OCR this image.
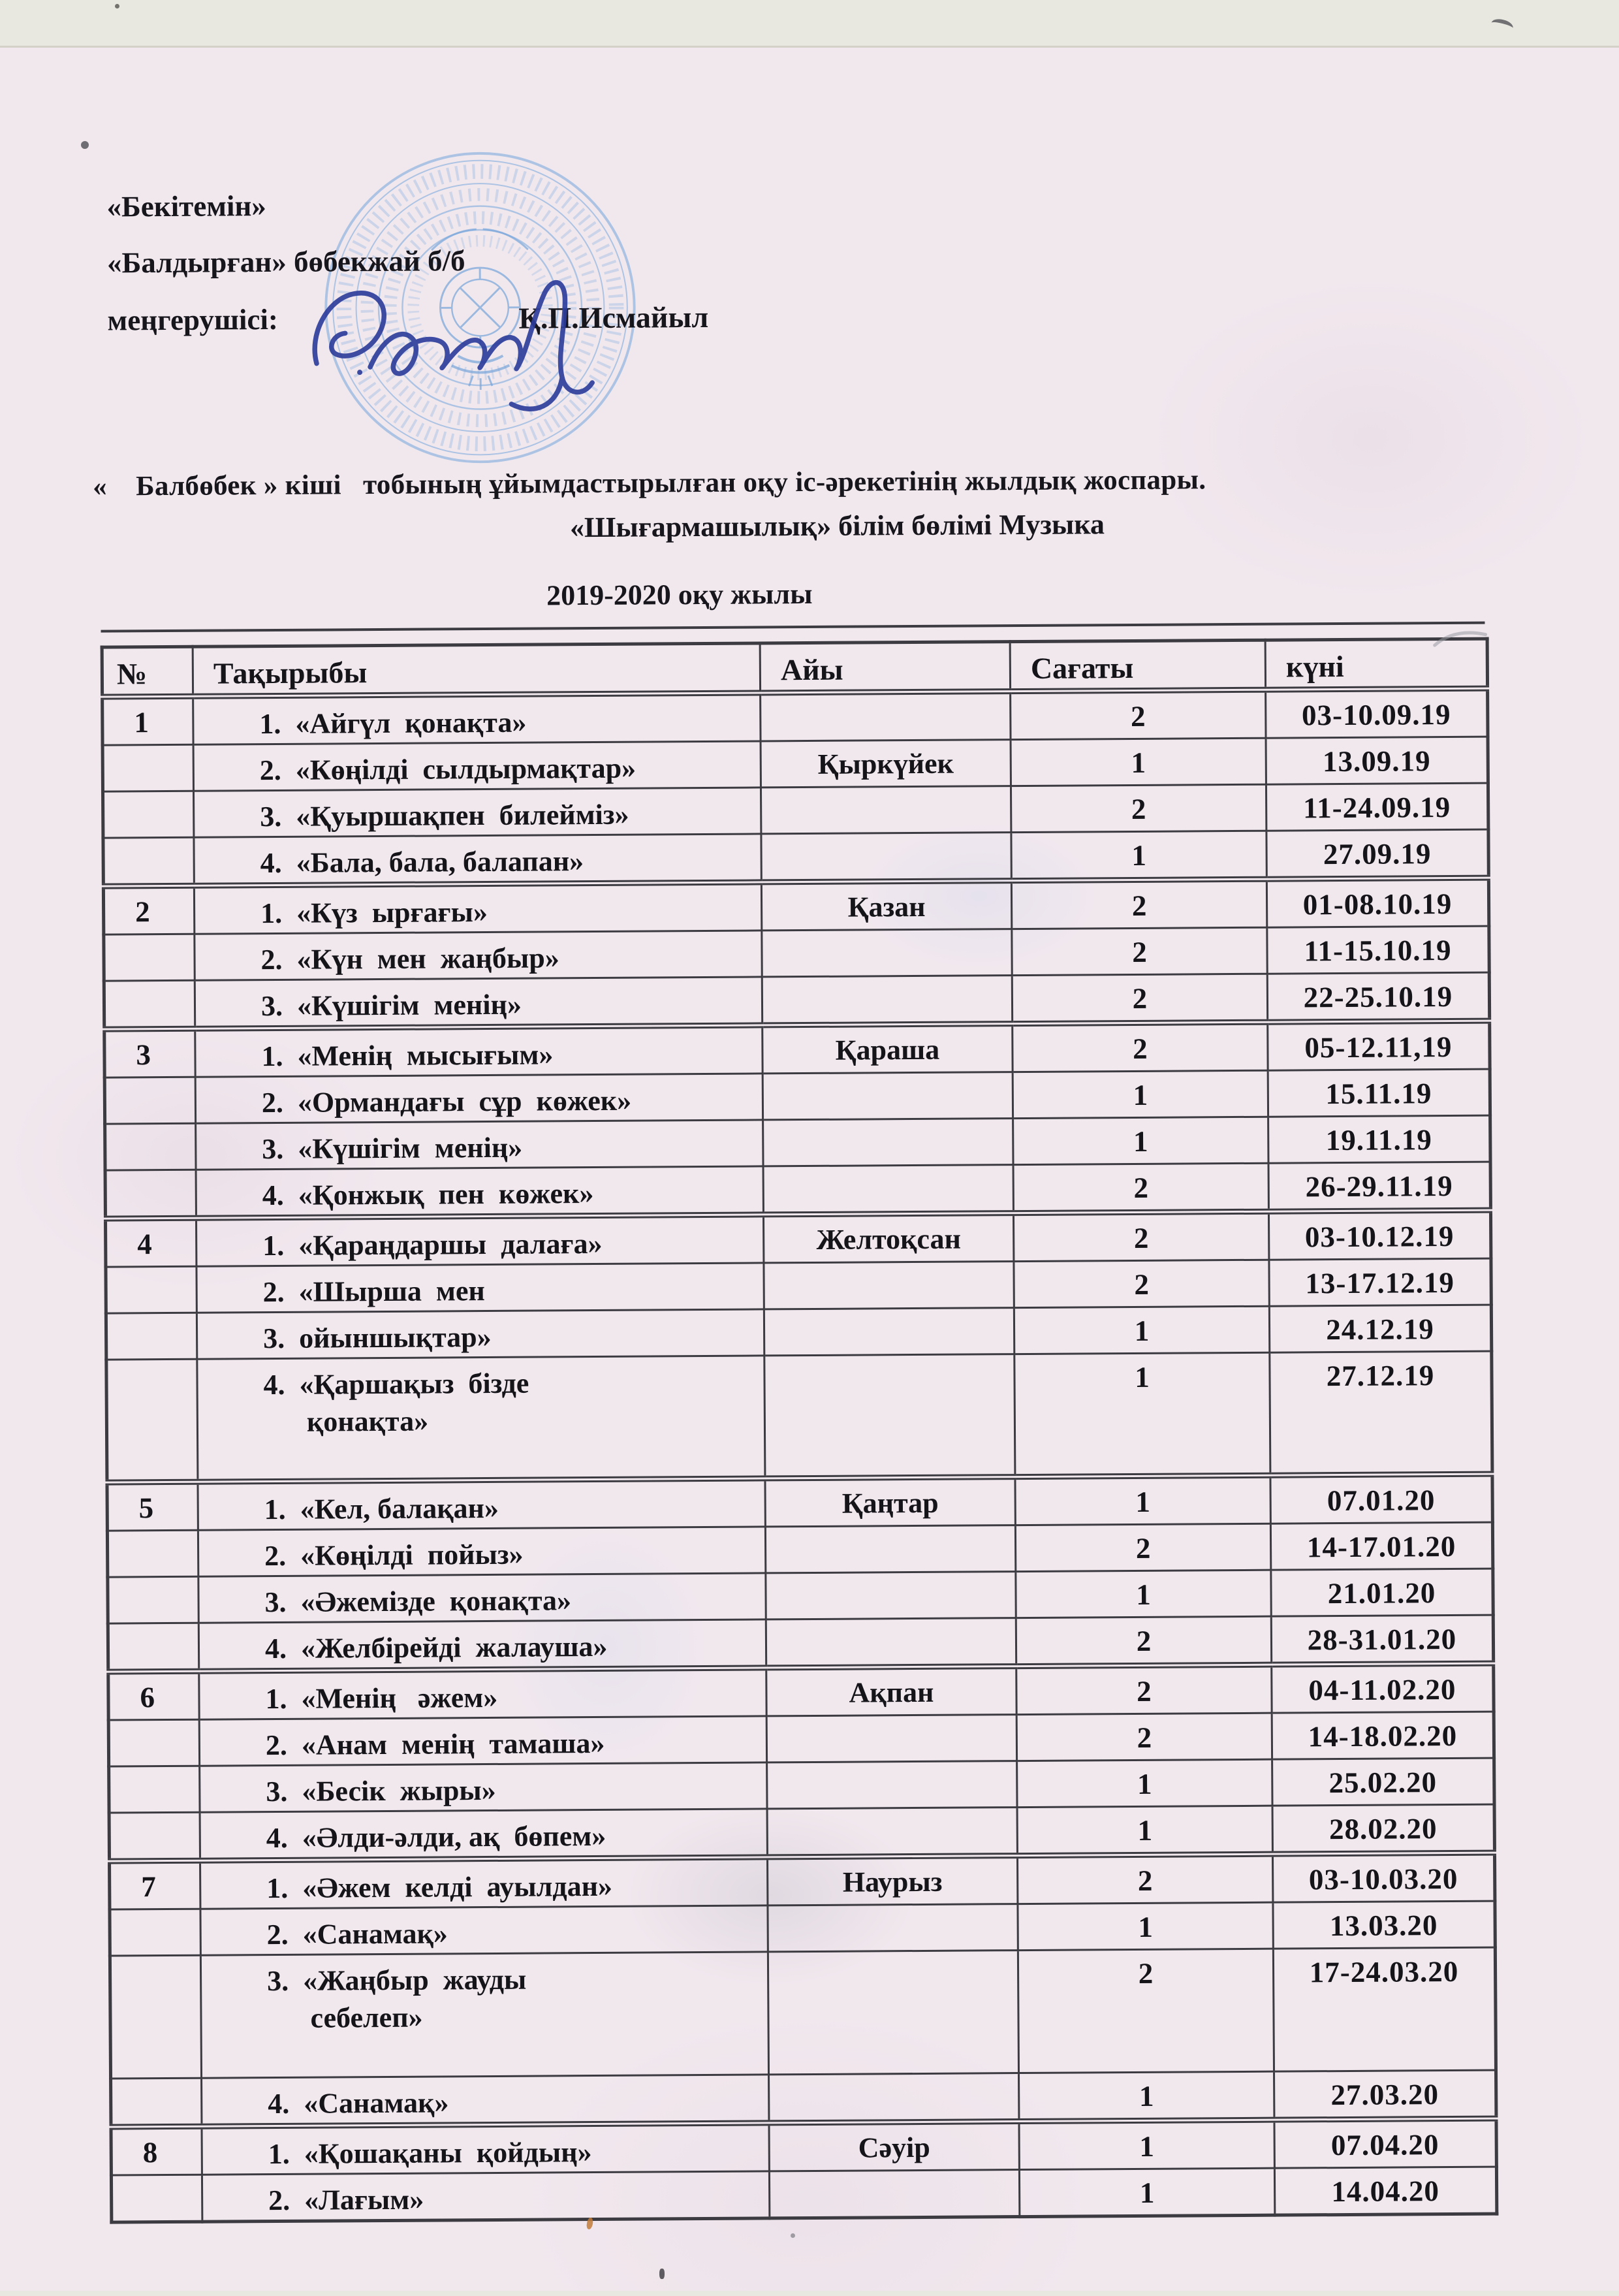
«Бекітемін»
«Балдырған» бөбекжай б/б
меңгерушісі:	Қ.П.Исмайыл
«    Балбөбек » кіші   тобының ұйымдастырылған оқу іс-әрекетінің жылдық жоспары.
«Шығармашылық» білім бөлімі Музыка
2019-2020 оқу жылы
№	Тақырыбы	Айы	Сағаты	күні
1	1.  «Айгүл  қонақта»		2	03-10.09.19
	2.  «Көңілді  сылдырмақтар»	Қыркүйек	1	13.09.19
	3.  «Қуыршақпен  билейміз»		2	11-24.09.19
	4.  «Бала, бала, балапан»		1	27.09.19
2	1.  «Күз  ырғағы»	Қазан	2	01-08.10.19
	2.  «Күн  мен  жаңбыр»		2	11-15.10.19
	3.  «Күшігім  менің»		2	22-25.10.19
3	1.  «Менің  мысығым»	Қараша	2	05-12.11,19
	2.  «Ормандағы  сұр  көжек»		1	15.11.19
	3.  «Күшігім  менің»		1	19.11.19
	4.  «Қонжық  пен  көжек»		2	26-29.11.19
4	1.  «Қараңдаршы  далаға»	Желтоқсан	2	03-10.12.19
	2.  «Шырша  мен		2	13-17.12.19
	3.  ойыншықтар»		1	24.12.19
	4.  «Қаршақыз  бізде
қонақта»		1	27.12.19
5	1.  «Кел, балақан»	Қаңтар	1	07.01.20
	2.  «Көңілді  пойыз»		2	14-17.01.20
	3.  «Әжемізде  қонақта»		1	21.01.20
	4.  «Желбірейді  жалауша»		2	28-31.01.20
6	1.  «Менің   әжем»	Ақпан	2	04-11.02.20
	2.  «Анам  менің  тамаша»		2	14-18.02.20
	3.  «Бесік  жыры»		1	25.02.20
	4.  «Әлди-әлди, ақ  бөпем»		1	28.02.20
7	1.  «Әжем  келді  ауылдан»	Наурыз	2	03-10.03.20
	2.  «Санамақ»		1	13.03.20
	3.  «Жаңбыр  жауды
себелеп»		2	17-24.03.20
	4.  «Санамақ»		1	27.03.20
8	1.  «Қошақаны  қойдың»	Сәуір	1	07.04.20
	2.  «Лағым»		1	14.04.20
